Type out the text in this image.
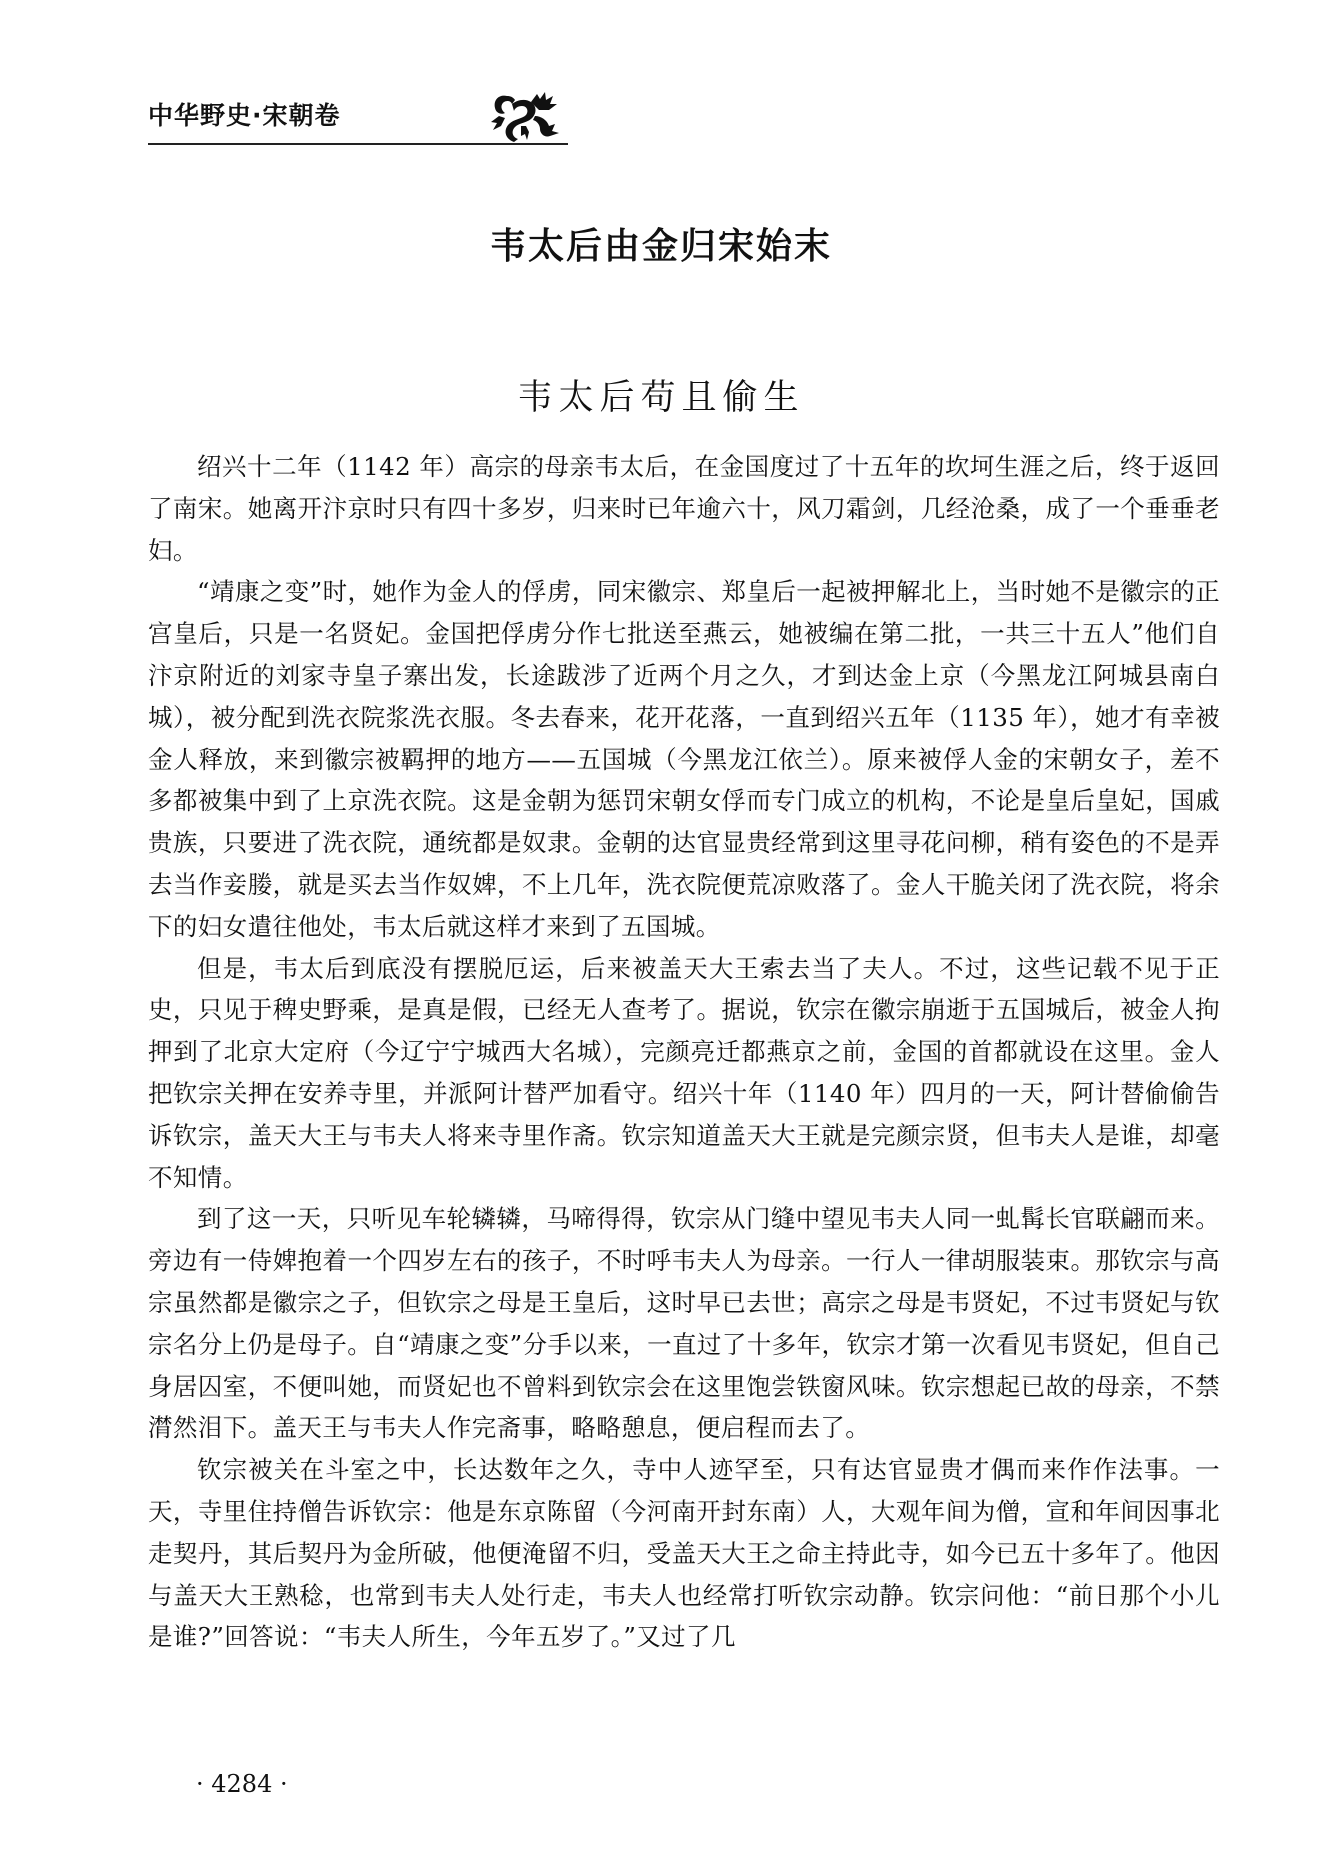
中华野史·宋朝卷
韦太后由金归宋始末
韦太后苟且偷生

绍兴十二年（1142 年）高宗的母亲韦太后，在金国度过了十五年的坎坷生涯之后，终于返回了南宋。她离开汴京时只有四十多岁，归来时已年逾六十，风刀霜剑，几经沧桑，成了一个垂垂老妇。

“靖康之变”时，她作为金人的俘虏，同宋徽宗、郑皇后一起被押解北上，当时她不是徽宗的正宫皇后，只是一名贤妃。金国把俘虏分作七批送至燕云，她被编在第二批，一共三十五人”他们自汴京附近的刘家寺皇子寨出发，长途跋涉了近两个月之久，才到达金上京（今黑龙江阿城县南白城），被分配到洗衣院浆洗衣服。冬去春来，花开花落，一直到绍兴五年（1135 年），她才有幸被金人释放，来到徽宗被羁押的地方——五国城（今黑龙江依兰）。原来被俘人金的宋朝女子，差不多都被集中到了上京洗衣院。这是金朝为惩罚宋朝女俘而专门成立的机构，不论是皇后皇妃，国戚贵族，只要进了洗衣院，通统都是奴隶。金朝的达官显贵经常到这里寻花问柳，稍有姿色的不是弄去当作妾媵，就是买去当作奴婢，不上几年，洗衣院便荒凉败落了。金人干脆关闭了洗衣院，将余下的妇女遣往他处，韦太后就这样才来到了五国城。

但是，韦太后到底没有摆脱厄运，后来被盖天大王索去当了夫人。不过，这些记载不见于正史，只见于稗史野乘，是真是假，已经无人查考了。据说，钦宗在徽宗崩逝于五国城后，被金人拘押到了北京大定府（今辽宁宁城西大名城），完颜亮迁都燕京之前，金国的首都就设在这里。金人把钦宗关押在安养寺里，并派阿计替严加看守。绍兴十年（1140 年）四月的一天，阿计替偷偷告诉钦宗，盖天大王与韦夫人将来寺里作斋。钦宗知道盖天大王就是完颜宗贤，但韦夫人是谁，却毫不知情。

到了这一天，只听见车轮辚辚，马啼得得，钦宗从门缝中望见韦夫人同一虬髯长官联翩而来。旁边有一侍婢抱着一个四岁左右的孩子，不时呼韦夫人为母亲。一行人一律胡服装束。那钦宗与高宗虽然都是徽宗之子，但钦宗之母是王皇后，这时早已去世；高宗之母是韦贤妃，不过韦贤妃与钦宗名分上仍是母子。自“靖康之变”分手以来，一直过了十多年，钦宗才第一次看见韦贤妃，但自己身居囚室，不便叫她，而贤妃也不曾料到钦宗会在这里饱尝铁窗风味。钦宗想起已故的母亲，不禁潸然泪下。盖天王与韦夫人作完斋事，略略憩息，便启程而去了。

钦宗被关在斗室之中，长达数年之久，寺中人迹罕至，只有达官显贵才偶而来作作法事。一天，寺里住持僧告诉钦宗：他是东京陈留（今河南开封东南）人，大观年间为僧，宣和年间因事北走契丹，其后契丹为金所破，他便淹留不归，受盖天大王之命主持此寺，如今已五十多年了。他因与盖天大王熟稔，也常到韦夫人处行走，韦夫人也经常打听钦宗动静。钦宗问他：“前日那个小儿是谁?”回答说：“韦夫人所生，今年五岁了。”又过了几

· 4284 ·
